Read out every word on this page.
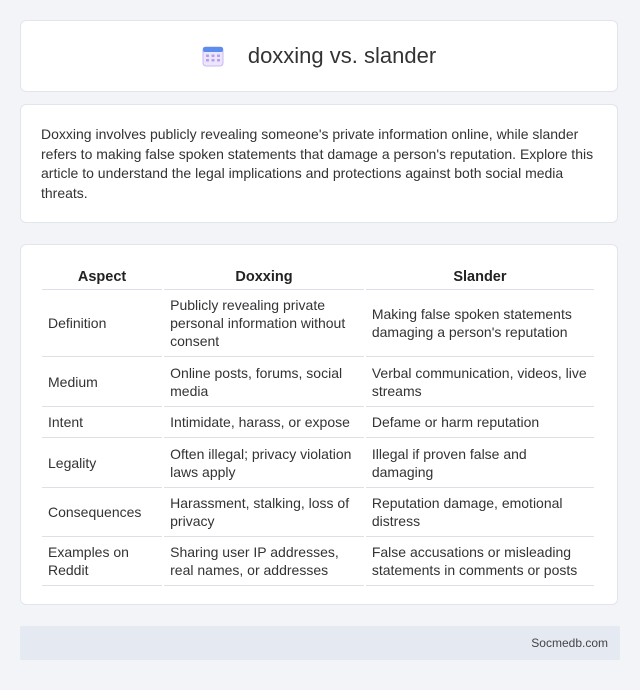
doxxing vs. slander

Doxxing involves publicly revealing someone's private information online, while slander refers to making false spoken statements that damage a person's reputation. Explore this article to understand the legal implications and protections against both social media threats.

Aspect	Doxxing	Slander
Definition	Publicly revealing private personal information without consent	Making false spoken statements damaging a person's reputation
Medium	Online posts, forums, social media	Verbal communication, videos, live streams
Intent	Intimidate, harass, or expose	Defame or harm reputation
Legality	Often illegal; privacy violation laws apply	Illegal if proven false and damaging
Consequences	Harassment, stalking, loss of privacy	Reputation damage, emotional distress
Examples on Reddit	Sharing user IP addresses, real names, or addresses	False accusations or misleading statements in comments or posts
Socmedb.com
